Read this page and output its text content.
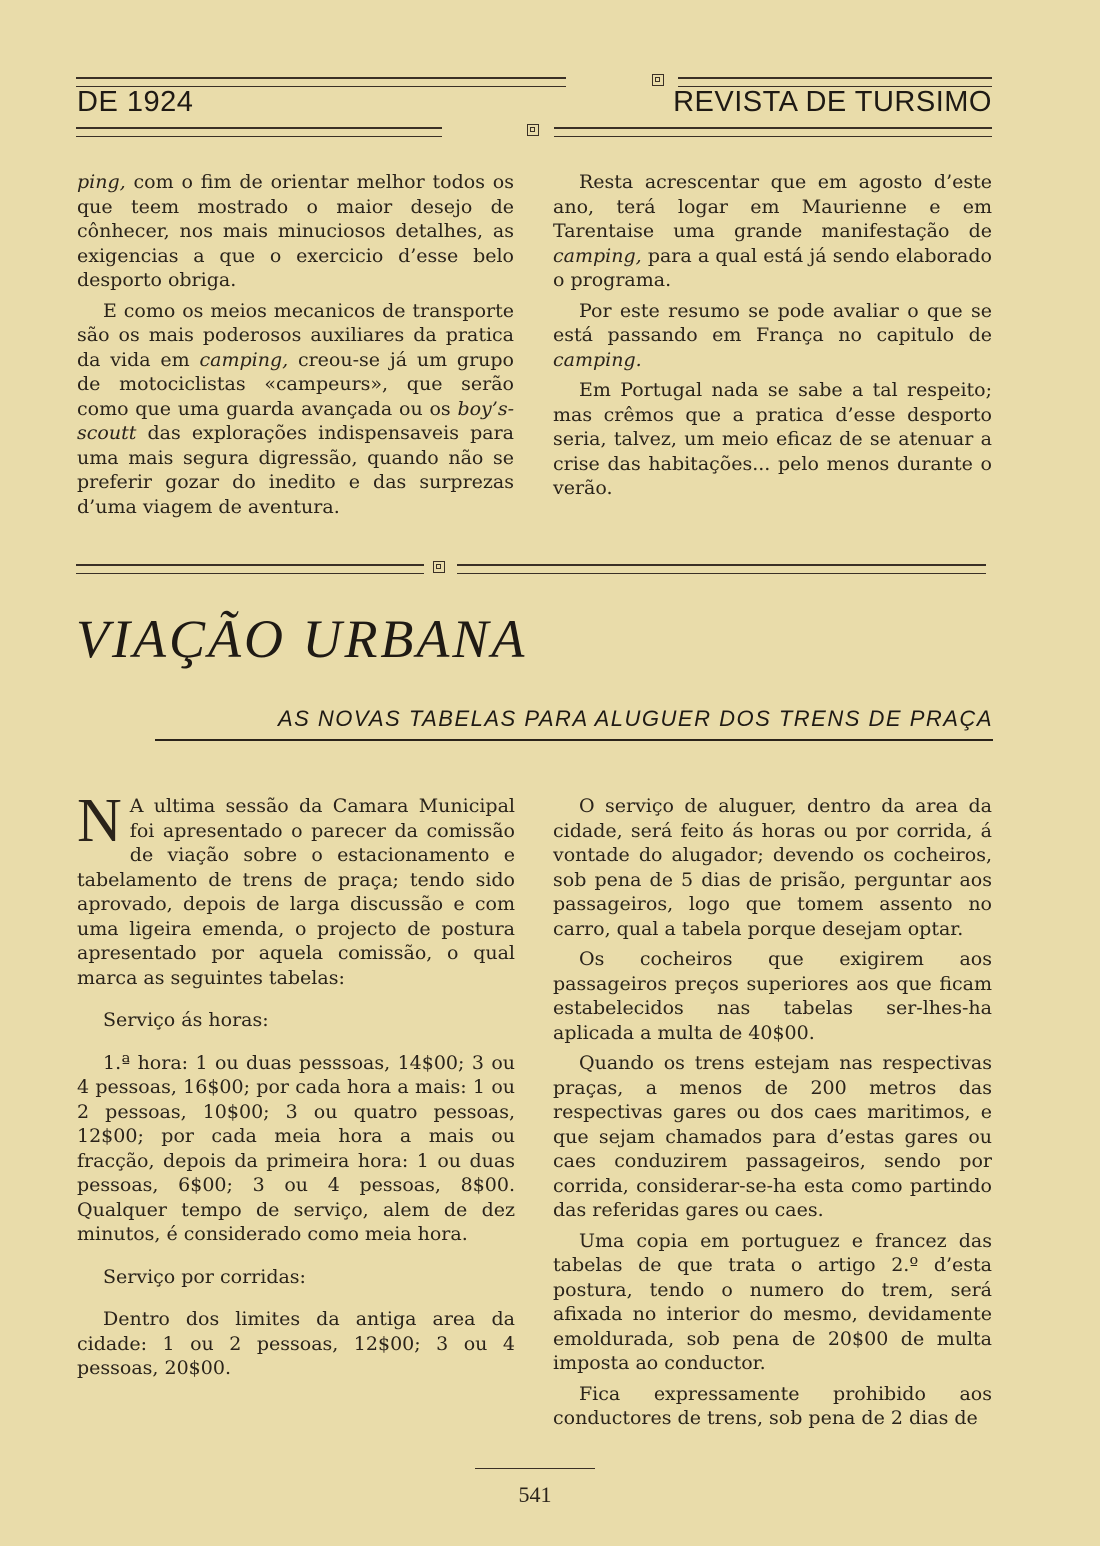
DE 1924	REVISTA DE TURSIMO

ping, com o fim de orientar melhor todos os que teem mostrado o maior desejo de cônhecer, nos mais minuciosos detalhes, as exigencias a que o exercicio d’esse belo desporto obriga.

E como os meios mecanicos de transporte são os mais poderosos auxiliares da pratica da vida em camping, creou-se já um grupo de motociclistas «campeurs», que serão como que uma guarda avançada ou os boy’s-scoutt das explorações indispensaveis para uma mais segura digressão, quando não se preferir gozar do inedito e das surprezas d’uma viagem de aventura.

Resta acrescentar que em agosto d’este ano, terá logar em Maurienne e em Tarentaise uma grande manifestação de camping, para a qual está já sendo elaborado o programa.

Por este resumo se pode avaliar o que se está passando em França no capitulo de camping.

Em Portugal nada se sabe a tal respeito; mas crêmos que a pratica d’esse desporto seria, talvez, um meio eficaz de se atenuar a crise das habitações... pelo menos durante o verão.

VIAÇÃO URBANA
AS NOVAS TABELAS PARA ALUGUER DOS TRENS DE PRAÇA

N A ultima sessão da Camara Municipal foi apresentado o parecer da comissão de viação sobre o estacionamento e tabelamento de trens de praça; tendo sido aprovado, depois de larga discussão e com uma ligeira emenda, o projecto de postura apresentado por aquela comissão, o qual marca as seguintes tabelas:

Serviço ás horas:

1.ª hora: 1 ou duas pesssoas, 14$00; 3 ou 4 pessoas, 16$00; por cada hora a mais: 1 ou 2 pessoas, 10$00; 3 ou quatro pessoas, 12$00; por cada meia hora a mais ou fracção, depois da primeira hora: 1 ou duas pessoas, 6$00; 3 ou 4 pessoas, 8$00. Qualquer tempo de serviço, alem de dez minutos, é considerado como meia hora.

Serviço por corridas:

Dentro dos limites da antiga area da cidade: 1 ou 2 pessoas, 12$00; 3 ou 4 pessoas, 20$00.

O serviço de aluguer, dentro da area da cidade, será feito ás horas ou por corrida, á vontade do alugador; devendo os cocheiros, sob pena de 5 dias de prisão, perguntar aos passageiros, logo que tomem assento no carro, qual a tabela porque desejam optar.

Os cocheiros que exigirem aos passageiros preços superiores aos que ficam estabelecidos nas tabelas ser-lhes-ha aplicada a multa de 40$00.

Quando os trens estejam nas respectivas praças, a menos de 200 metros das respectivas gares ou dos caes maritimos, e que sejam chamados para d’estas gares ou caes conduzirem passageiros, sendo por corrida, considerar-se-ha esta como partindo das referidas gares ou caes.

Uma copia em portuguez e francez das tabelas de que trata o artigo 2.º d’esta postura, tendo o numero do trem, será afixada no interior do mesmo, devidamente emoldurada, sob pena de 20$00 de multa imposta ao conductor.

Fica expressamente prohibido aos conductores de trens, sob pena de 2 dias de

541
